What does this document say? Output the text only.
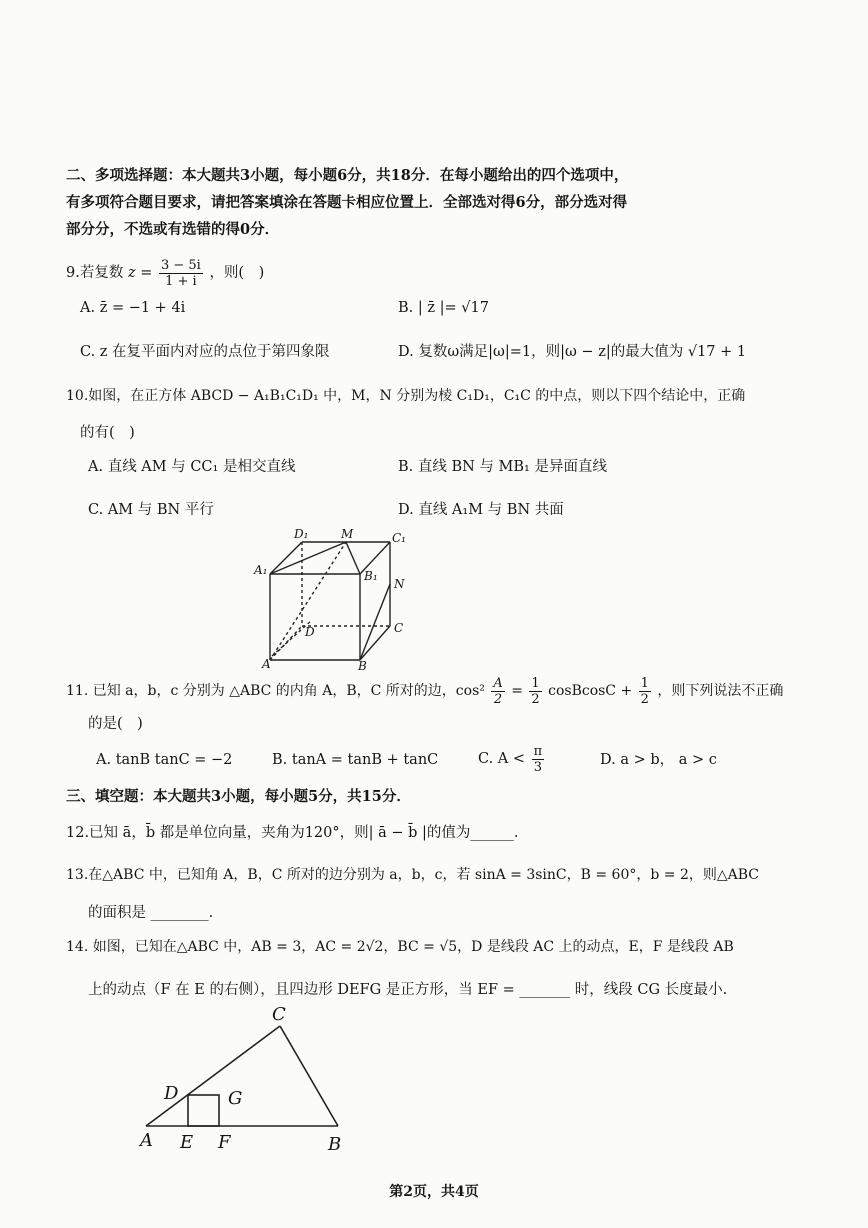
二、多项选择题：本大题共3小题，每小题6分，共18分．在每小题给出的四个选项中，
有多项符合题目要求，请把答案填涂在答题卡相应位置上．全部选对得6分，部分选对得
部分分，不选或有选错的得0分．
9.若复数 $z = \frac{3 - 5i}{1 + i}$ ，则(　)
A. z̄ = −1 + 4i	B. | z̄ |= √17
C. z 在复平面内对应的点位于第四象限	D. 复数ω满足|ω|=1，则|ω − z|的最大值为 √17 + 1
10.如图，在正方体 ABCD − A₁B₁C₁D₁ 中，M，N 分别为棱 C₁D₁，C₁C 的中点，则以下四个结论中，正确
的有(　)
A. 直线 AM 与 CC₁ 是相交直线	B. 直线 BN 与 MB₁ 是异面直线
C. AM 与 BN 平行	D. 直线 A₁M 与 BN 共面
D₁	M	C₁
A₁	B₁
N
D	C
A	B
11. 已知 a，b，c 分别为 △ABC 的内角 A，B，C 所对的边，$\cos^2 \frac{A}{2} = \frac{1}{2}$ cosBcosC + $\frac{1}{2}$ ，则下列说法不正确
的是(　)
A. tanB tanC = −2	B. tanA = tanB + tanC	C. $A < \frac{\pi}{3}$	D. a > b， a > c
三、填空题：本大题共3小题，每小题5分，共15分．
12.已知 ā，b̄ 都是单位向量，夹角为120°，则| ā − b̄ |的值为______.
13.在△ABC 中，已知角 A，B，C 所对的边分别为 a，b，c，若 sinA = 3sinC，B = 60°，b = 2，则△ABC
的面积是 ________.
14. 如图，已知在△ABC 中，AB = 3，AC = 2√2，BC = √5，D 是线段 AC 上的动点，E，F 是线段 AB
上的动点（F 在 E 的右侧），且四边形 DEFG 是正方形，当 EF = _______ 时，线段 CG 长度最小.
C
D	G
A E F	B
第2页，共4页
